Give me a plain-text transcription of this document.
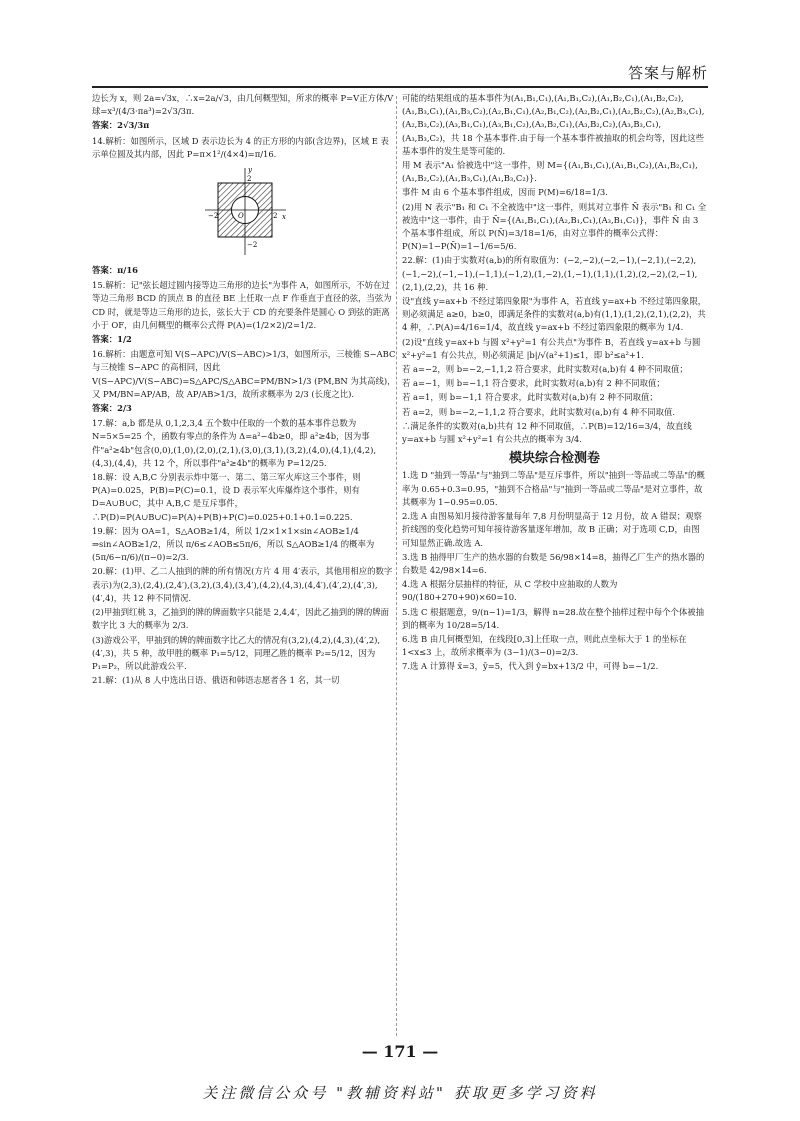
答案与解析
边长为 x，则 2a=√3x，∴x=2a/√3，由几何概型知，所求的概率 P=V正方体/V球=x³/(4/3·πa³)=2√3/3π.
答案：2√3/3π
14.解析：如图所示，区域 D 表示边长为 4 的正方形的内部(含边界)，区域 E 表示单位圆及其内部，因此 P=π×1²/(4×4)=π/16.
x
y
2
−2
2
−2
O
答案：π/16
15.解析：记"弦长超过圆内接等边三角形的边长"为事件 A，如图所示，不妨在过等边三角形 BCD 的顶点 B 的直径 BE 上任取一点 F 作垂直于直径的弦，当弦为 CD 时，就是等边三角形的边长，弦长大于 CD 的充要条件是圆心 O 到弦的距离小于 OF，由几何概型的概率公式得 P(A)=(1/2×2)/2=1/2.
答案：1/2
16.解析：由题意可知 V(S−APC)/V(S−ABC)>1/3，如图所示，三棱锥 S−ABC 与三棱锥 S−APC 的高相同，因此 V(S−APC)/V(S−ABC)=S△APC/S△ABC=PM/BN>1/3 (PM,BN 为其高线)，又 PM/BN=AP/AB，故 AP/AB>1/3，故所求概率为 2/3 (长度之比).
答案：2/3
17.解：a,b 都是从 0,1,2,3,4 五个数中任取的一个数的基本事件总数为 N=5×5=25 个，函数有零点的条件为 Δ=a²−4b≥0，即 a²≥4b，因为事件"a²≥4b"包含(0,0),(1,0),(2,0),(2,1),(3,0),(3,1),(3,2),(4,0),(4,1),(4,2),(4,3),(4,4)，共 12 个，所以事件"a²≥4b"的概率为 P=12/25.
18.解：设 A,B,C 分别表示炸中第一、第二、第三军火库这三个事件，则 P(A)=0.025，P(B)=P(C)=0.1，设 D 表示军火库爆炸这个事件，则有 D=A∪B∪C，其中 A,B,C 是互斥事件，∴P(D)=P(A∪B∪C)=P(A)+P(B)+P(C)=0.025+0.1+0.1=0.225.
19.解：因为 OA=1，S△AOB≥1/4，所以 1/2×1×1×sin∠AOB≥1/4 ⇒sin∠AOB≥1/2，所以 π/6≤∠AOB≤5π/6，所以 S△AOB≥1/4 的概率为 (5π/6−π/6)/(π−0)=2/3.
20.解：(1)甲、乙二人抽到的牌的所有情况(方片 4 用 4′表示，其他用相应的数字表示)为(2,3),(2,4),(2,4′),(3,2),(3,4),(3,4′),(4,2),(4,3),(4,4′),(4′,2),(4′,3),(4′,4)，共 12 种不同情况.
(2)甲抽到红桃 3，乙抽到的牌的牌面数字只能是 2,4,4′，因此乙抽到的牌的牌面数字比 3 大的概率为 2/3.
(3)游戏公平，甲抽到的牌的牌面数字比乙大的情况有(3,2),(4,2),(4,3),(4′,2),(4′,3)，共 5 种，故甲胜的概率 P₁=5/12，同理乙胜的概率 P₂=5/12，因为 P₁=P₂，所以此游戏公平.
21.解：(1)从 8 人中选出日语、俄语和韩语志愿者各 1 名，其一切
可能的结果组成的基本事件为(A₁,B₁,C₁),(A₁,B₁,C₂),(A₁,B₂,C₁),(A₁,B₂,C₂),(A₁,B₃,C₁),(A₁,B₃,C₂),(A₂,B₁,C₁),(A₂,B₁,C₂),(A₂,B₂,C₁),(A₂,B₂,C₂),(A₂,B₃,C₁),(A₂,B₃,C₂),(A₃,B₁,C₁),(A₃,B₁,C₂),(A₃,B₂,C₁),(A₃,B₂,C₂),(A₃,B₃,C₁),(A₃,B₃,C₂)，共 18 个基本事件.由于每一个基本事件被抽取的机会均等，因此这些基本事件的发生是等可能的.
用 M 表示"A₁ 恰被选中"这一事件，则 M={(A₁,B₁,C₁),(A₁,B₁,C₂),(A₁,B₂,C₁),(A₁,B₂,C₂),(A₁,B₃,C₁),(A₁,B₃,C₂)}.
事件 M 由 6 个基本事件组成，因而 P(M)=6/18=1/3.
(2)用 N 表示"B₁ 和 C₁ 不全被选中"这一事件，则其对立事件 N̄ 表示"B₁ 和 C₁ 全被选中"这一事件，由于 N̄={(A₁,B₁,C₁),(A₂,B₁,C₁),(A₃,B₁,C₁)}，事件 N̄ 由 3 个基本事件组成，所以 P(N̄)=3/18=1/6，由对立事件的概率公式得：P(N)=1−P(N̄)=1−1/6=5/6.
22.解：(1)由于实数对(a,b)的所有取值为：(−2,−2),(−2,−1),(−2,1),(−2,2),(−1,−2),(−1,−1),(−1,1),(−1,2),(1,−2),(1,−1),(1,1),(1,2),(2,−2),(2,−1),(2,1),(2,2)，共 16 种.
设"直线 y=ax+b 不经过第四象限"为事件 A，若直线 y=ax+b 不经过第四象限，则必须满足 a≥0，b≥0，即满足条件的实数对(a,b)有(1,1),(1,2),(2,1),(2,2)，共 4 种，∴P(A)=4/16=1/4，故直线 y=ax+b 不经过第四象限的概率为 1/4.
(2)设"直线 y=ax+b 与圆 x²+y²=1 有公共点"为事件 B，若直线 y=ax+b 与圆 x²+y²=1 有公共点，则必须满足 |b|/√(a²+1)≤1，即 b²≤a²+1.
若 a=−2，则 b=−2,−1,1,2 符合要求，此时实数对(a,b)有 4 种不同取值；
若 a=−1，则 b=−1,1 符合要求，此时实数对(a,b)有 2 种不同取值；
若 a=1，则 b=−1,1 符合要求，此时实数对(a,b)有 2 种不同取值；
若 a=2，则 b=−2,−1,1,2 符合要求，此时实数对(a,b)有 4 种不同取值.
∴满足条件的实数对(a,b)共有 12 种不同取值，∴P(B)=12/16=3/4，故直线 y=ax+b 与圆 x²+y²=1 有公共点的概率为 3/4.
模块综合检测卷
1.选 D "抽到一等品"与"抽到二等品"是互斥事件，所以"抽到一等品或二等品"的概率为 0.65+0.3=0.95，"抽到不合格品"与"抽到一等品或二等品"是对立事件，故其概率为 1−0.95=0.05.
2.选 A 由图易知月接待游客量每年 7,8 月份明显高于 12 月份，故 A 错误；观察折线图的变化趋势可知年接待游客量逐年增加，故 B 正确；对于选项 C,D，由图可知显然正确.故选 A.
3.选 B 抽得甲厂生产的热水器的台数是 56/98×14=8，抽得乙厂生产的热水器的台数是 42/98×14=6.
4.选 A 根据分层抽样的特征，从 C 学校中应抽取的人数为 90/(180+270+90)×60=10.
5.选 C 根据题意，9/(n−1)=1/3，解得 n=28.故在整个抽样过程中每个个体被抽到的概率为 10/28=5/14.
6.选 B 由几何概型知，在线段[0,3]上任取一点，则此点坐标大于 1 的坐标在 1<x≤3 上，故所求概率为 (3−1)/(3−0)=2/3.
7.选 A 计算得 x̄=3，ȳ=5，代入到 ŷ=bx+13/2 中，可得 b=−1/2.
— 171 —
关注微信公众号 "教辅资料站" 获取更多学习资料
